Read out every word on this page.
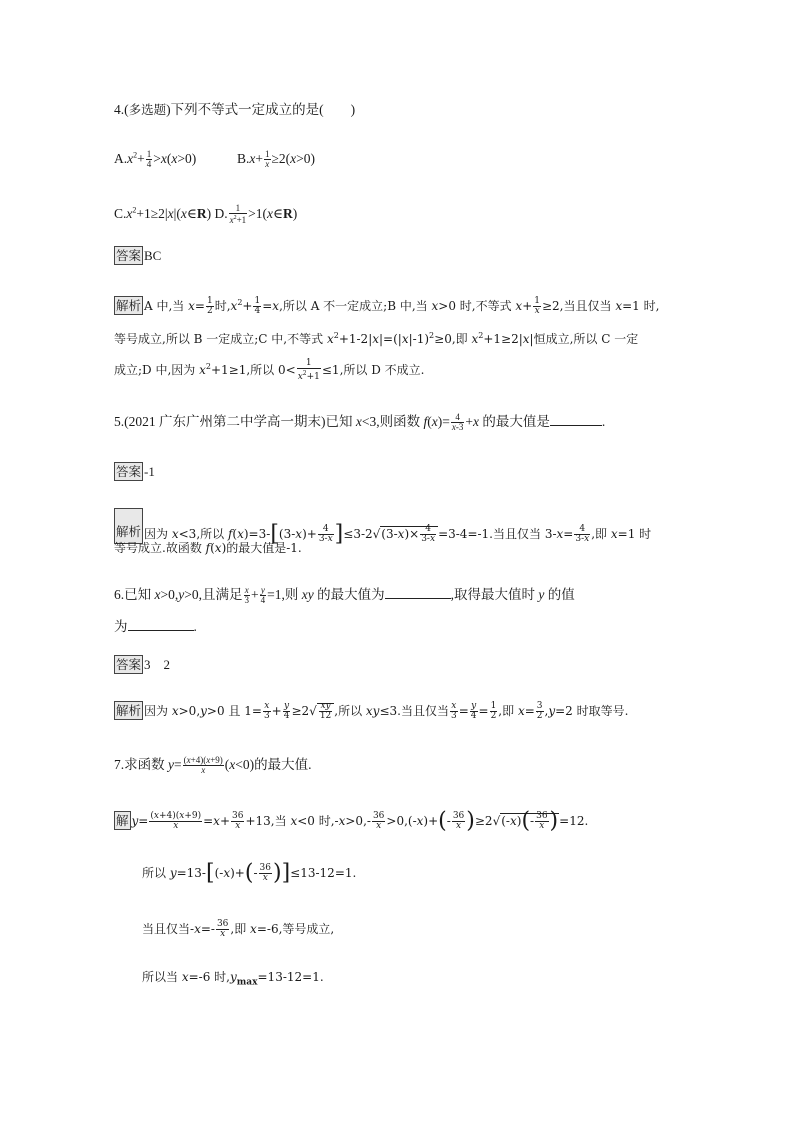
4.(多选题)下列不等式一定成立的是(　　)
$A.x^2+ \frac{1}{4} >x(x>0)$	$B.x+ \frac{1}{x} \ge 2(x>0)$
$C.x^2+1\ge 2|x|(x\in R)$ D. $\frac{1}{x^2+1}$ >1(x∈R)
答案 BC
解析 A 中,当 $x= \frac{1}{2}$ 时$,x^2+ \frac{1}{4} =x$,所以 A 不一定成立;B 中,当 x>0 时,不等式 $x+ \frac{1}{x} \ge 2$,当且仅当 x=1 时,
等号成立,所以 B 一定成立;C 中,不等式 $x^2+1-2|x|=(|x|-1)^2\ge 0$,即 $x^2+1\ge 2|x|$恒成立,所以 C 一定
成立;D 中,因为 $x^2+1\ge 1$,所以 $0< \frac{1}{x^2+1} \le 1$,所以 D 不成立.
5.(2021 广东广州第二中学高一期末)已知 x<3,则函数 $f(x)= \frac{4}{x-3} +x$ 的最大值是	.
答案 -1
解析 因为 x<3,所以 $f(x)=3-[(3-x)+ \frac{4}{3-x} ]\le 3-2√(3-x)\times \frac{4}{3-x} =3-4=-1$.当且仅当 $3-x= \frac{4}{3-x}$ ,即 x=1 时
等号成立.故函数 f(x)的最大值是-1.
6.已知 x>0,y>0,且满足 $\frac{x}{3} + \frac{y}{4} =1$,则 xy 的最大值为	,取得最大值时 y 的值
为	.
答案 3　2
解析 因为 x>0,y>0 且 $1= \frac{x}{3} + \frac{y}{4} \ge 2√ \frac{xy}{12}$ ,所以 xy≤3.当且仅当 $\frac{x}{3} = \frac{y}{4} = \frac{1}{2}$ ,即 $x= \frac{3}{2} ,y=2$ 时取等号.
7.求函数 $y= \frac{(x+4)(x+9)}{x} (x<0)$的最大值.
解 $y= \frac{(x+4)(x+9)}{x} =x+ \frac{36}{x} +13$,当 x<0 时$,-x>0,- \frac{36}{x} >0,(-x)+(- \frac{36}{x} )\ge 2√(-x)(- \frac{36}{x} )=12$.
所以 $y=13-[(-x)+(- \frac{36}{x} )]\le 13-12=1$.
当且仅当$-x=- \frac{36}{x}$ ,即 x=-6,等号成立,
所以当 x=-6 时$,y_{max}=13-12=1$.
